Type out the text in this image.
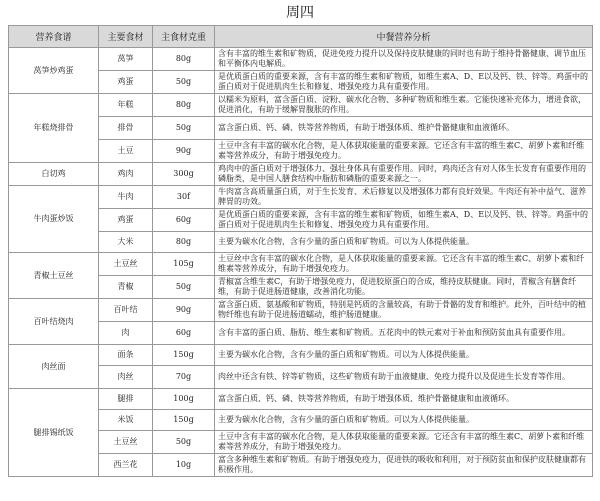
周四
营养食谱	主要食材	主食材克重	中餐营养分析
莴笋炒鸡蛋	莴笋	80g	含有丰富的维生素和矿物质，促进免疫力提升以及保持皮肤健康的同时也有助于维持骨骼健康、调节血压和平衡体内电解质。
	鸡蛋	50g	是优质蛋白质的重要来源，含有丰富的维生素和矿物质，如维生素A、D、E以及钙、铁、锌等。鸡蛋中的蛋白质对于促进肌肉生长和修复、增强免疫力具有重要作用。
年糕烧排骨	年糕	80g	以糯米为原料，富含蛋白质、淀粉、碳水化合物、多种矿物质和维生素。它能快速补充体力，增进食欲，促进消化，有助于缓解胃腹胀的作用。
	排骨	50g	富含蛋白质、钙、磷、铁等营养物质，有助于增强体质、维护骨骼健康和血液循环。
	土豆	90g	土豆中含有丰富的碳水化合物，是人体获取能量的重要来源。它还含有丰富的维生素C、胡萝卜素和纤维素等营养成分，有助于增强免疫力。
白切鸡	鸡肉	300g	鸡肉中的蛋白质对于增强体力、强壮身体具有重要作用。同时，鸡肉还含有对人体生长发育有重要作用的磷脂类，是中国人膳食结构中脂肪和磷脂的重要来源之一。
牛肉蛋炒饭	牛肉	30f	牛肉富含高质量蛋白质，对于生长发育、术后修复以及增强体力都有良好效果。牛肉还有补中益气、滋养脾胃的功效。
	鸡蛋	60g	是优质蛋白质的重要来源，含有丰富的维生素和矿物质，如维生素A、D、E以及钙、铁、锌等。鸡蛋中的蛋白质对于促进肌肉生长和修复、增强免疫力具有重要作用。
	大米	80g	主要为碳水化合物，含有少量的蛋白质和矿物质。可以为人体提供能量。
青椒土豆丝	土豆丝	105g	土豆丝中含有丰富的碳水化合物，是人体获取能量的重要来源。它还含有丰富的维生素C、胡萝卜素和纤维素等营养成分，有助于增强免疫力。
	青椒	50g	青椒富含维生素C，有助于增强免疫力，促进胶原蛋白的合成，维持皮肤健康。同时，青椒含有膳食纤维，有助于促进肠道健康，改善消化功能。
百叶结烧肉	百叶结	90g	富含蛋白质、氨基酸和矿物质，特别是钙质的含量较高，有助于骨骼的发育和维护。此外，百叶结中的植物纤维也有助于促进肠道蠕动，维护肠道健康。
	肉	60g	含有丰富的蛋白质、脂肪、维生素和矿物质。五花肉中的铁元素对于补血和预防贫血具有重要作用。
肉丝面	面条	150g	主要为碳水化合物，含有少量的蛋白质和矿物质。可以为人体提供能量。
	肉丝	70g	肉丝中还含有铁、锌等矿物质，这些矿物质有助于血液健康、免疫力提升以及促进生长发育等作用。
腿排锡纸饭	腿排	100g	富含蛋白质、钙、磷、铁等营养物质，有助于增强体质、维护骨骼健康和血液循环。
	米饭	150g	主要为碳水化合物，含有少量的蛋白质和矿物质。可以为人体提供能量。
	土豆丝	50g	土豆中含有丰富的碳水化合物，是人体获取能量的重要来源。它还含有丰富的维生素C、胡萝卜素和纤维素等营养成分，有助于增强免疫力。
	西兰花	10g	富含多种维生素和矿物质。有助于增强免疫力，促进铁的吸收和利用，对于预防贫血和保护皮肤健康都有积极作用。
